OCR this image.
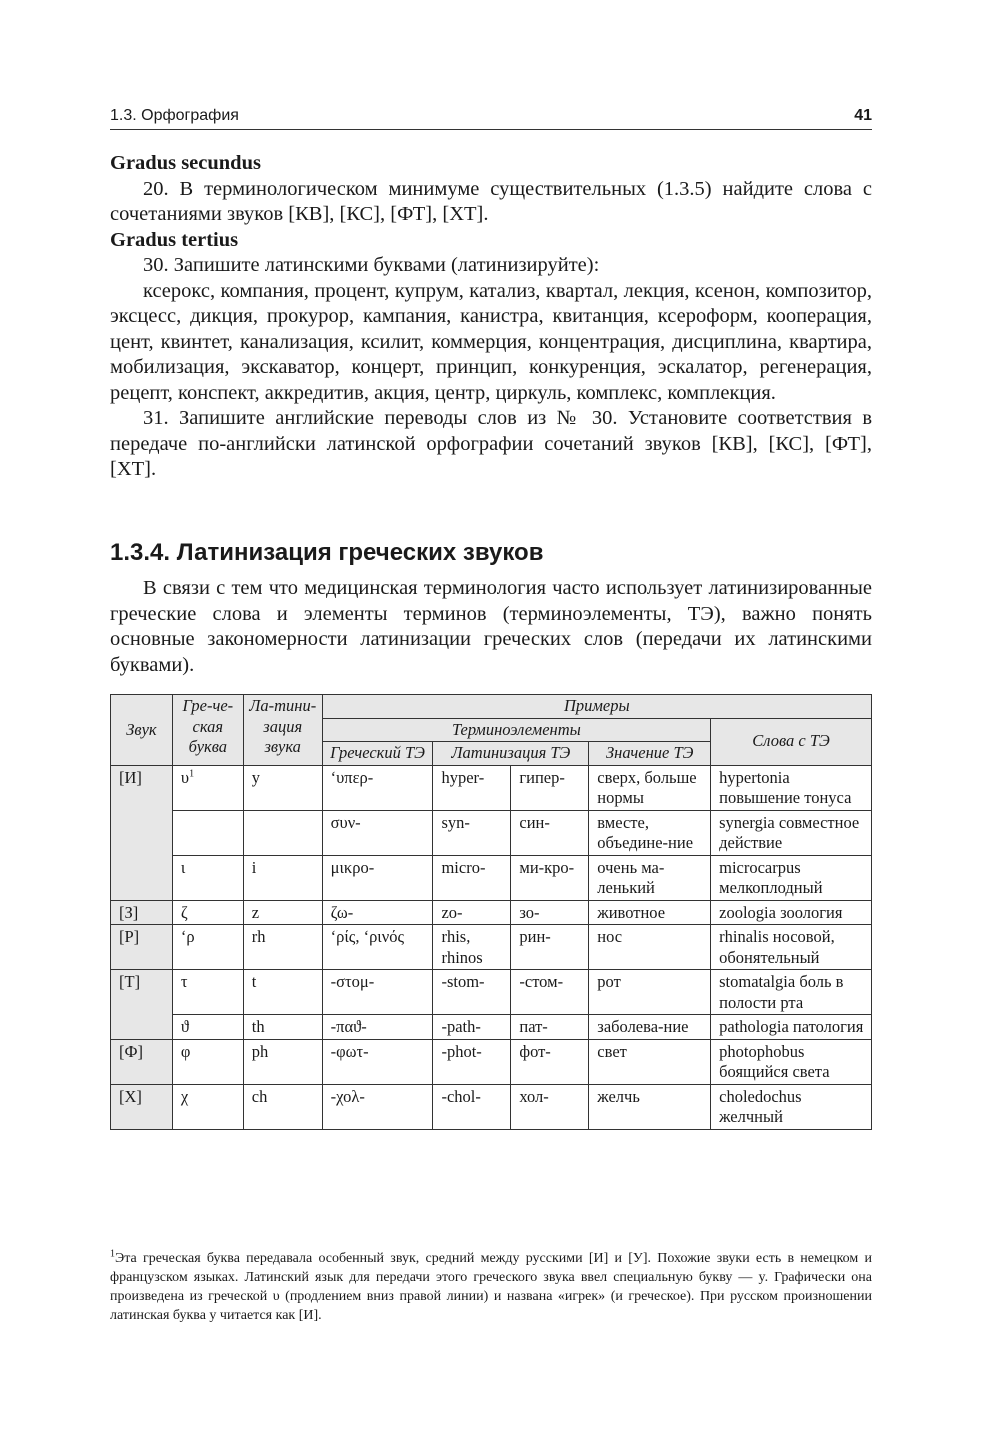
1.3. Орфография	41

Gradus secundus

20. В терминологическом минимуме существительных (1.3.5) найдите слова с сочетаниями звуков [КВ], [КС], [ФТ], [ХТ].

Gradus tertius

30. Запишите латинскими буквами (латинизируйте):

ксерокс, компания, процент, купрум, катализ, квартал, лекция, ксенон, композитор, эксцесс, дикция, прокурор, кампания, канистра, квитанция, ксероформ, кооперация, цент, квинтет, канализация, ксилит, коммерция, концентрация, дисциплина, квартира, мобилизация, экскаватор, концерт, принцип, конкуренция, эскалатор, регенерация, рецепт, конспект, аккредитив, акция, центр, циркуль, комплекс, комплекция.

31. Запишите английские переводы слов из № 30. Установите соответствия в передаче по-английски латинской орфографии сочетаний звуков [КВ], [КС], [ФТ], [ХТ].

1.3.4. Латинизация греческих звуков

В связи с тем что медицинская терминология часто использует латинизированные греческие слова и элементы терминов (терминоэлементы, ТЭ), важно понять основные закономерности латинизации греческих слов (передачи их латинскими буквами).

Звук	Гре-че-ская буква	Ла-тини-зация звука	Примеры				
			Терминоэлементы				Слова с ТЭ
			Греческий ТЭ	Латинизация ТЭ		Значение ТЭ	
[И]	$\upsilon^1$	y	ʻυπερ-	hyper-	гипер-	сверх, больше нормы	hypertonia повышение тонуса
			συν-	syn-	син-	вместе, объедине-ние	synergia совместное действие
	ι	i	μικρο-	micro-	ми-кро-	очень ма-ленький	microcarpus мелкоплодный
[З]	ζ	z	ζω-	zo-	зо-	животное	zoologia зоология
[Р]	ʻρ	rh	ʻρίς, ʻρινός	rhis, rhinos	рин-	нос	rhinalis носовой, обонятельный
[Т]	τ	t	-στομ-	-stom-	-стом-	рот	stomatalgia боль в полости рта
	ϑ	th	-παϑ-	-path-	пат-	заболева-ние	pathologia патология
[Ф]	φ	ph	-φωτ-	-phot-	фот-	свет	photophobus боящийся света
[Х]	χ	ch	-χολ-	-chol-	хол-	желчь	choledochus желчный

$^1$Эта греческая буква передавала особенный звук, средний между русскими [И] и [У]. Похожие звуки есть в немецком и французском языках. Латинский язык для передачи этого греческого звука ввел специальную букву — y. Графически она произведена из греческой υ (продлением вниз правой линии) и названа «игрек» (и греческое). При русском произношении латинская буква y читается как [И].
